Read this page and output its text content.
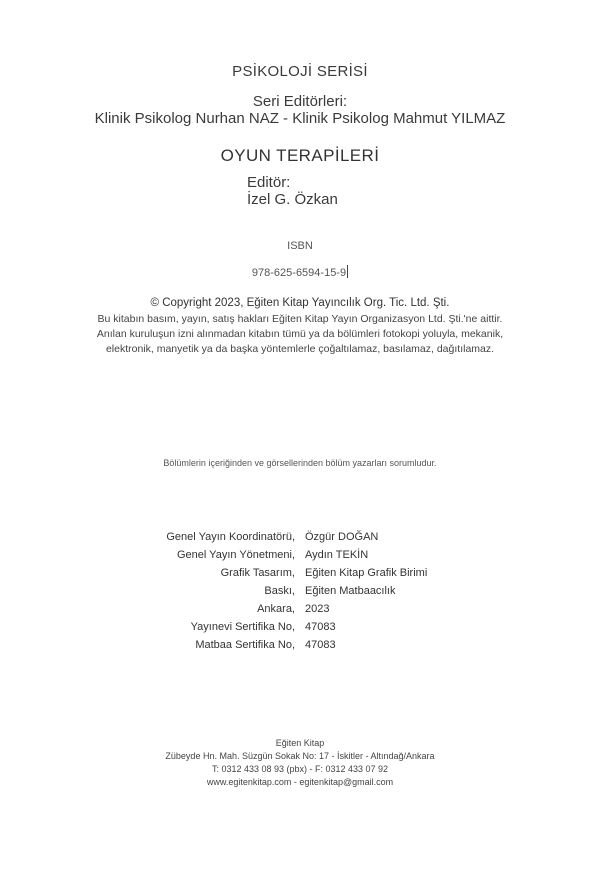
PSİKOLOJİ SERİSİ
Seri Editörleri:
Klinik Psikolog Nurhan NAZ - Klinik Psikolog Mahmut YILMAZ
OYUN TERAPİLERİ
Editör:
İzel G. Özkan
ISBN
978-625-6594-15-9
© Copyright 2023, Eğiten Kitap Yayıncılık Org. Tic. Ltd. Şti.
Bu kitabın basım, yayın, satış hakları Eğiten Kitap Yayın Organizasyon Ltd. Şti.'ne aittir. Anılan kuruluşun izni alınmadan kitabın tümü ya da bölümleri fotokopi yoluyla, mekanik, elektronik, manyetik ya da başka yöntemlerle çoğaltılamaz, basılamaz, dağıtılamaz.
Bölümlerin içeriğinden ve görsellerinden bölüm yazarları sorumludur.
Genel Yayın Koordinatörü, Özgür DOĞAN
Genel Yayın Yönetmeni, Aydın TEKİN
Grafik Tasarım, Eğiten Kitap Grafik Birimi
Baskı, Eğiten Matbaacılık
Ankara, 2023
Yayınevi Sertifika No, 47083
Matbaa Sertifika No, 47083
Eğiten Kitap
Zübeyde Hn. Mah. Süzgün Sokak No: 17 - İskitler - Altındağ/Ankara
T: 0312 433 08 93 (pbx) - F: 0312 433 07 92
www.egitenkitap.com - egitenkitap@gmail.com
